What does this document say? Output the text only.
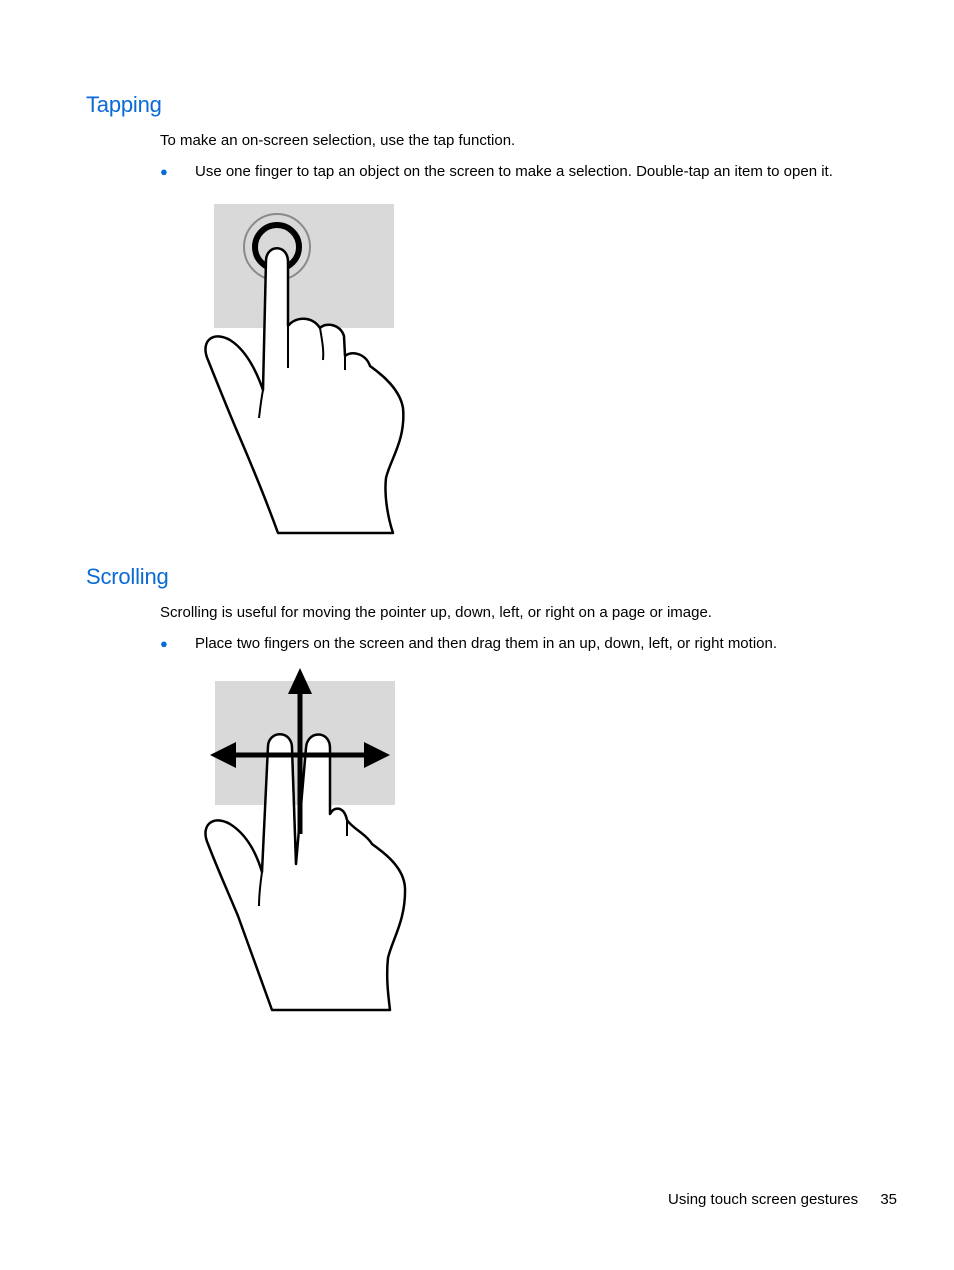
Tapping

To make an on-screen selection, use the tap function.

● Use one finger to tap an object on the screen to make a selection. Double-tap an item to open it.
Scrolling

Scrolling is useful for moving the pointer up, down, left, or right on a page or image.

● Place two fingers on the screen and then drag them in an up, down, left, or right motion.
Using touch screen gestures 35
